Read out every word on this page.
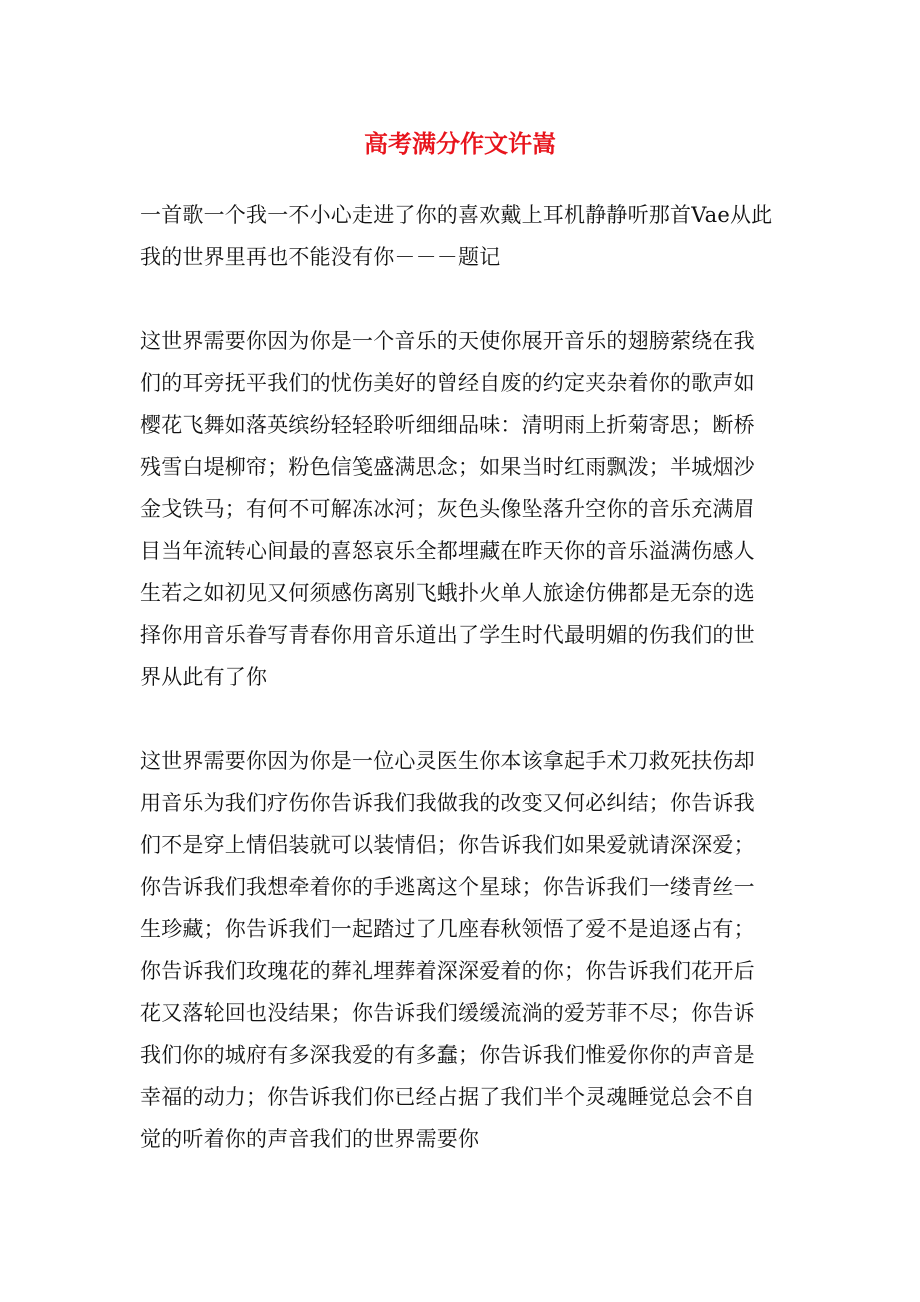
高考满分作文许嵩
一首歌一个我一不小心走进了你的喜欢戴上耳机静静听那首Vae从此
我的世界里再也不能没有你－－－题记
这世界需要你因为你是一个音乐的天使你展开音乐的翅膀萦绕在我
们的耳旁抚平我们的忧伤美好的曾经自废的约定夹杂着你的歌声如
樱花飞舞如落英缤纷轻轻聆听细细品味：清明雨上折菊寄思；断桥
残雪白堤柳帘；粉色信笺盛满思念；如果当时红雨飘泼；半城烟沙
金戈铁马；有何不可解冻冰河；灰色头像坠落升空你的音乐充满眉
目当年流转心间最的喜怒哀乐全都埋藏在昨天你的音乐溢满伤感人
生若之如初见又何须感伤离别飞蛾扑火单人旅途仿佛都是无奈的选
择你用音乐眷写青春你用音乐道出了学生时代最明媚的伤我们的世
界从此有了你
这世界需要你因为你是一位心灵医生你本该拿起手术刀救死扶伤却
用音乐为我们疗伤你告诉我们我做我的改变又何必纠结；你告诉我
们不是穿上情侣装就可以装情侣；你告诉我们如果爱就请深深爱；
你告诉我们我想牵着你的手逃离这个星球；你告诉我们一缕青丝一
生珍藏；你告诉我们一起踏过了几座春秋领悟了爱不是追逐占有；
你告诉我们玫瑰花的葬礼埋葬着深深爱着的你；你告诉我们花开后
花又落轮回也没结果；你告诉我们缓缓流淌的爱芳菲不尽；你告诉
我们你的城府有多深我爱的有多蠢；你告诉我们惟爱你你的声音是
幸福的动力；你告诉我们你已经占据了我们半个灵魂睡觉总会不自
觉的听着你的声音我们的世界需要你
